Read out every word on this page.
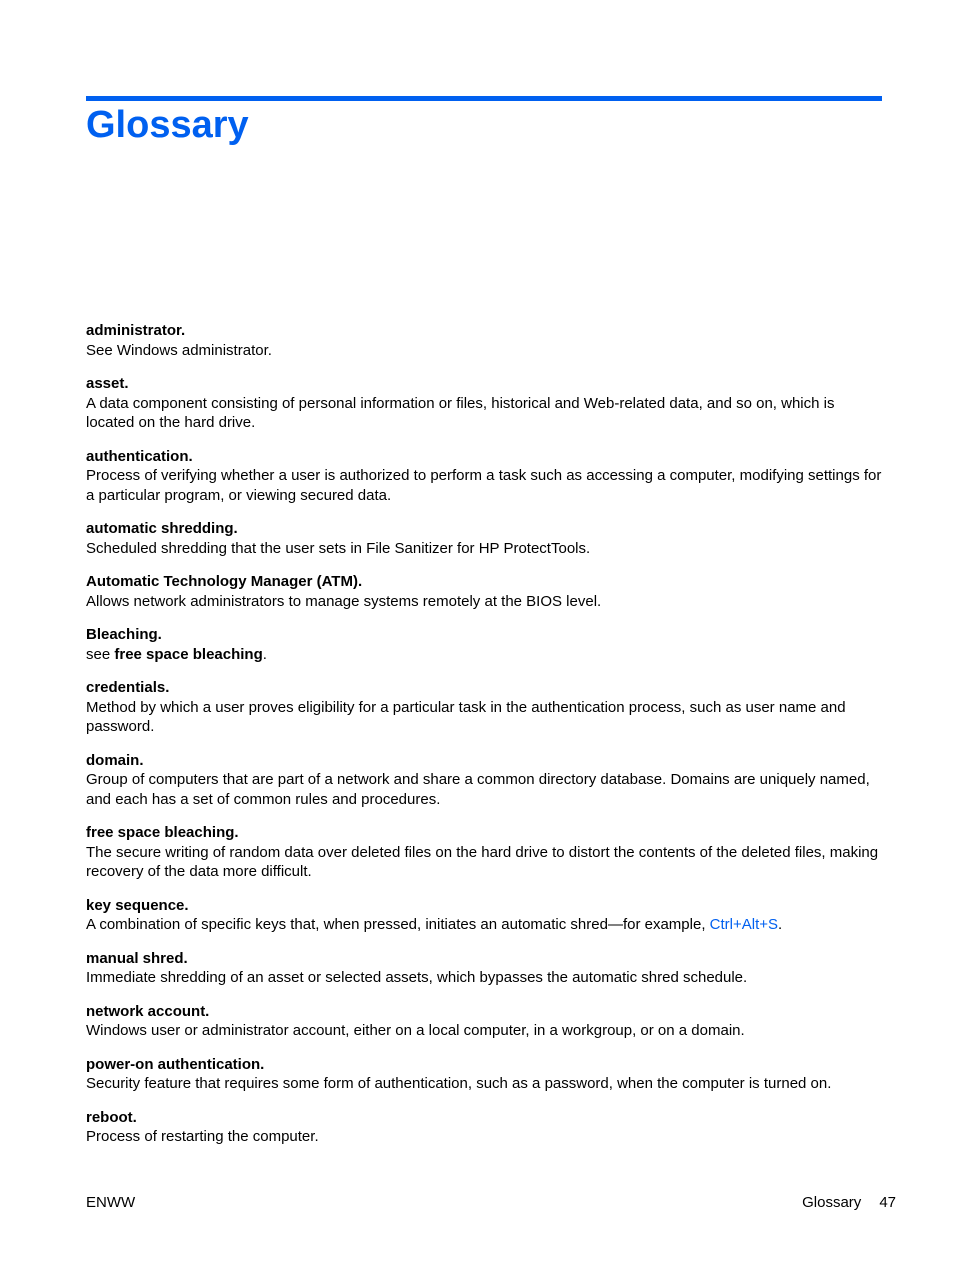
Glossary
administrator.
See Windows administrator.
asset.
A data component consisting of personal information or files, historical and Web-related data, and so on, which is located on the hard drive.
authentication.
Process of verifying whether a user is authorized to perform a task such as accessing a computer, modifying settings for a particular program, or viewing secured data.
automatic shredding.
Scheduled shredding that the user sets in File Sanitizer for HP ProtectTools.
Automatic Technology Manager (ATM).
Allows network administrators to manage systems remotely at the BIOS level.
Bleaching.
see free space bleaching.
credentials.
Method by which a user proves eligibility for a particular task in the authentication process, such as user name and password.
domain.
Group of computers that are part of a network and share a common directory database. Domains are uniquely named, and each has a set of common rules and procedures.
free space bleaching.
The secure writing of random data over deleted files on the hard drive to distort the contents of the deleted files, making recovery of the data more difficult.
key sequence.
A combination of specific keys that, when pressed, initiates an automatic shred—for example, Ctrl+Alt+S.
manual shred.
Immediate shredding of an asset or selected assets, which bypasses the automatic shred schedule.
network account.
Windows user or administrator account, either on a local computer, in a workgroup, or on a domain.
power-on authentication.
Security feature that requires some form of authentication, such as a password, when the computer is turned on.
reboot.
Process of restarting the computer.
ENWW	Glossary 47
